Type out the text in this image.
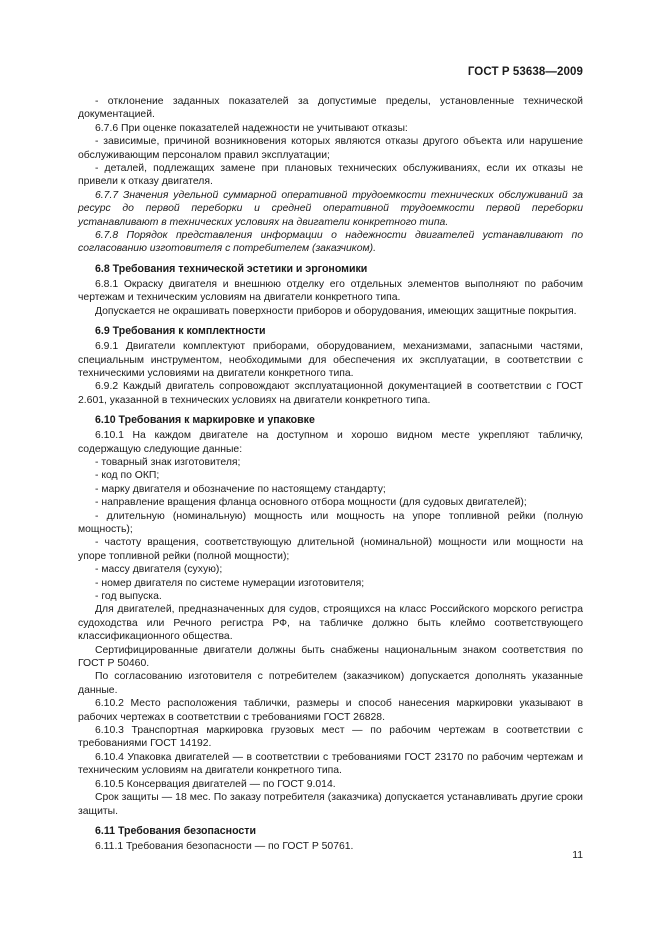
ГОСТ Р 53638—2009

- отклонение заданных показателей за допустимые пределы, установленные технической документацией.

6.7.6 При оценке показателей надежности не учитывают отказы:

- зависимые, причиной возникновения которых являются отказы другого объекта или нарушение обслуживающим персоналом правил эксплуатации;

- деталей, подлежащих замене при плановых технических обслуживаниях, если их отказы не привели к отказу двигателя.

6.7.7 Значения удельной суммарной оперативной трудоемкости технических обслуживаний за ресурс до первой переборки и средней оперативной трудоемкости первой переборки устанавливают в технических условиях на двигатели конкретного типа.

6.7.8 Порядок представления информации о надежности двигателей устанавливают по согласованию изготовителя с потребителем (заказчиком).

6.8 Требования технической эстетики и эргономики

6.8.1 Окраску двигателя и внешнюю отделку его отдельных элементов выполняют по рабочим чертежам и техническим условиям на двигатели конкретного типа.

Допускается не окрашивать поверхности приборов и оборудования, имеющих защитные покрытия.

6.9 Требования к комплектности

6.9.1 Двигатели комплектуют приборами, оборудованием, механизмами, запасными частями, специальным инструментом, необходимыми для обеспечения их эксплуатации, в соответствии с техническими условиями на двигатели конкретного типа.

6.9.2 Каждый двигатель сопровождают эксплуатационной документацией в соответствии с ГОСТ 2.601, указанной в технических условиях на двигатели конкретного типа.

6.10 Требования к маркировке и упаковке

6.10.1 На каждом двигателе на доступном и хорошо видном месте укрепляют табличку, содержащую следующие данные:

- товарный знак изготовителя;

- код по ОКП;

- марку двигателя и обозначение по настоящему стандарту;

- направление вращения фланца основного отбора мощности (для судовых двигателей);

- длительную (номинальную) мощность или мощность на упоре топливной рейки (полную мощность);

- частоту вращения, соответствующую длительной (номинальной) мощности или мощности на упоре топливной рейки (полной мощности);

- массу двигателя (сухую);

- номер двигателя по системе нумерации изготовителя;

- год выпуска.

Для двигателей, предназначенных для судов, строящихся на класс Российского морского регистра судоходства или Речного регистра РФ, на табличке должно быть клеймо соответствующего классификационного общества.

Сертифицированные двигатели должны быть снабжены национальным знаком соответствия по ГОСТ Р 50460.

По согласованию изготовителя с потребителем (заказчиком) допускается дополнять указанные данные.

6.10.2 Место расположения таблички, размеры и способ нанесения маркировки указывают в рабочих чертежах в соответствии с требованиями ГОСТ 26828.

6.10.3 Транспортная маркировка грузовых мест — по рабочим чертежам в соответствии с требованиями ГОСТ 14192.

6.10.4 Упаковка двигателей — в соответствии с требованиями ГОСТ 23170 по рабочим чертежам и техническим условиям на двигатели конкретного типа.

6.10.5 Консервация двигателей — по ГОСТ 9.014.

Срок защиты — 18 мес. По заказу потребителя (заказчика) допускается устанавливать другие сроки защиты.

6.11 Требования безопасности

6.11.1 Требования безопасности — по ГОСТ Р 50761.

11
